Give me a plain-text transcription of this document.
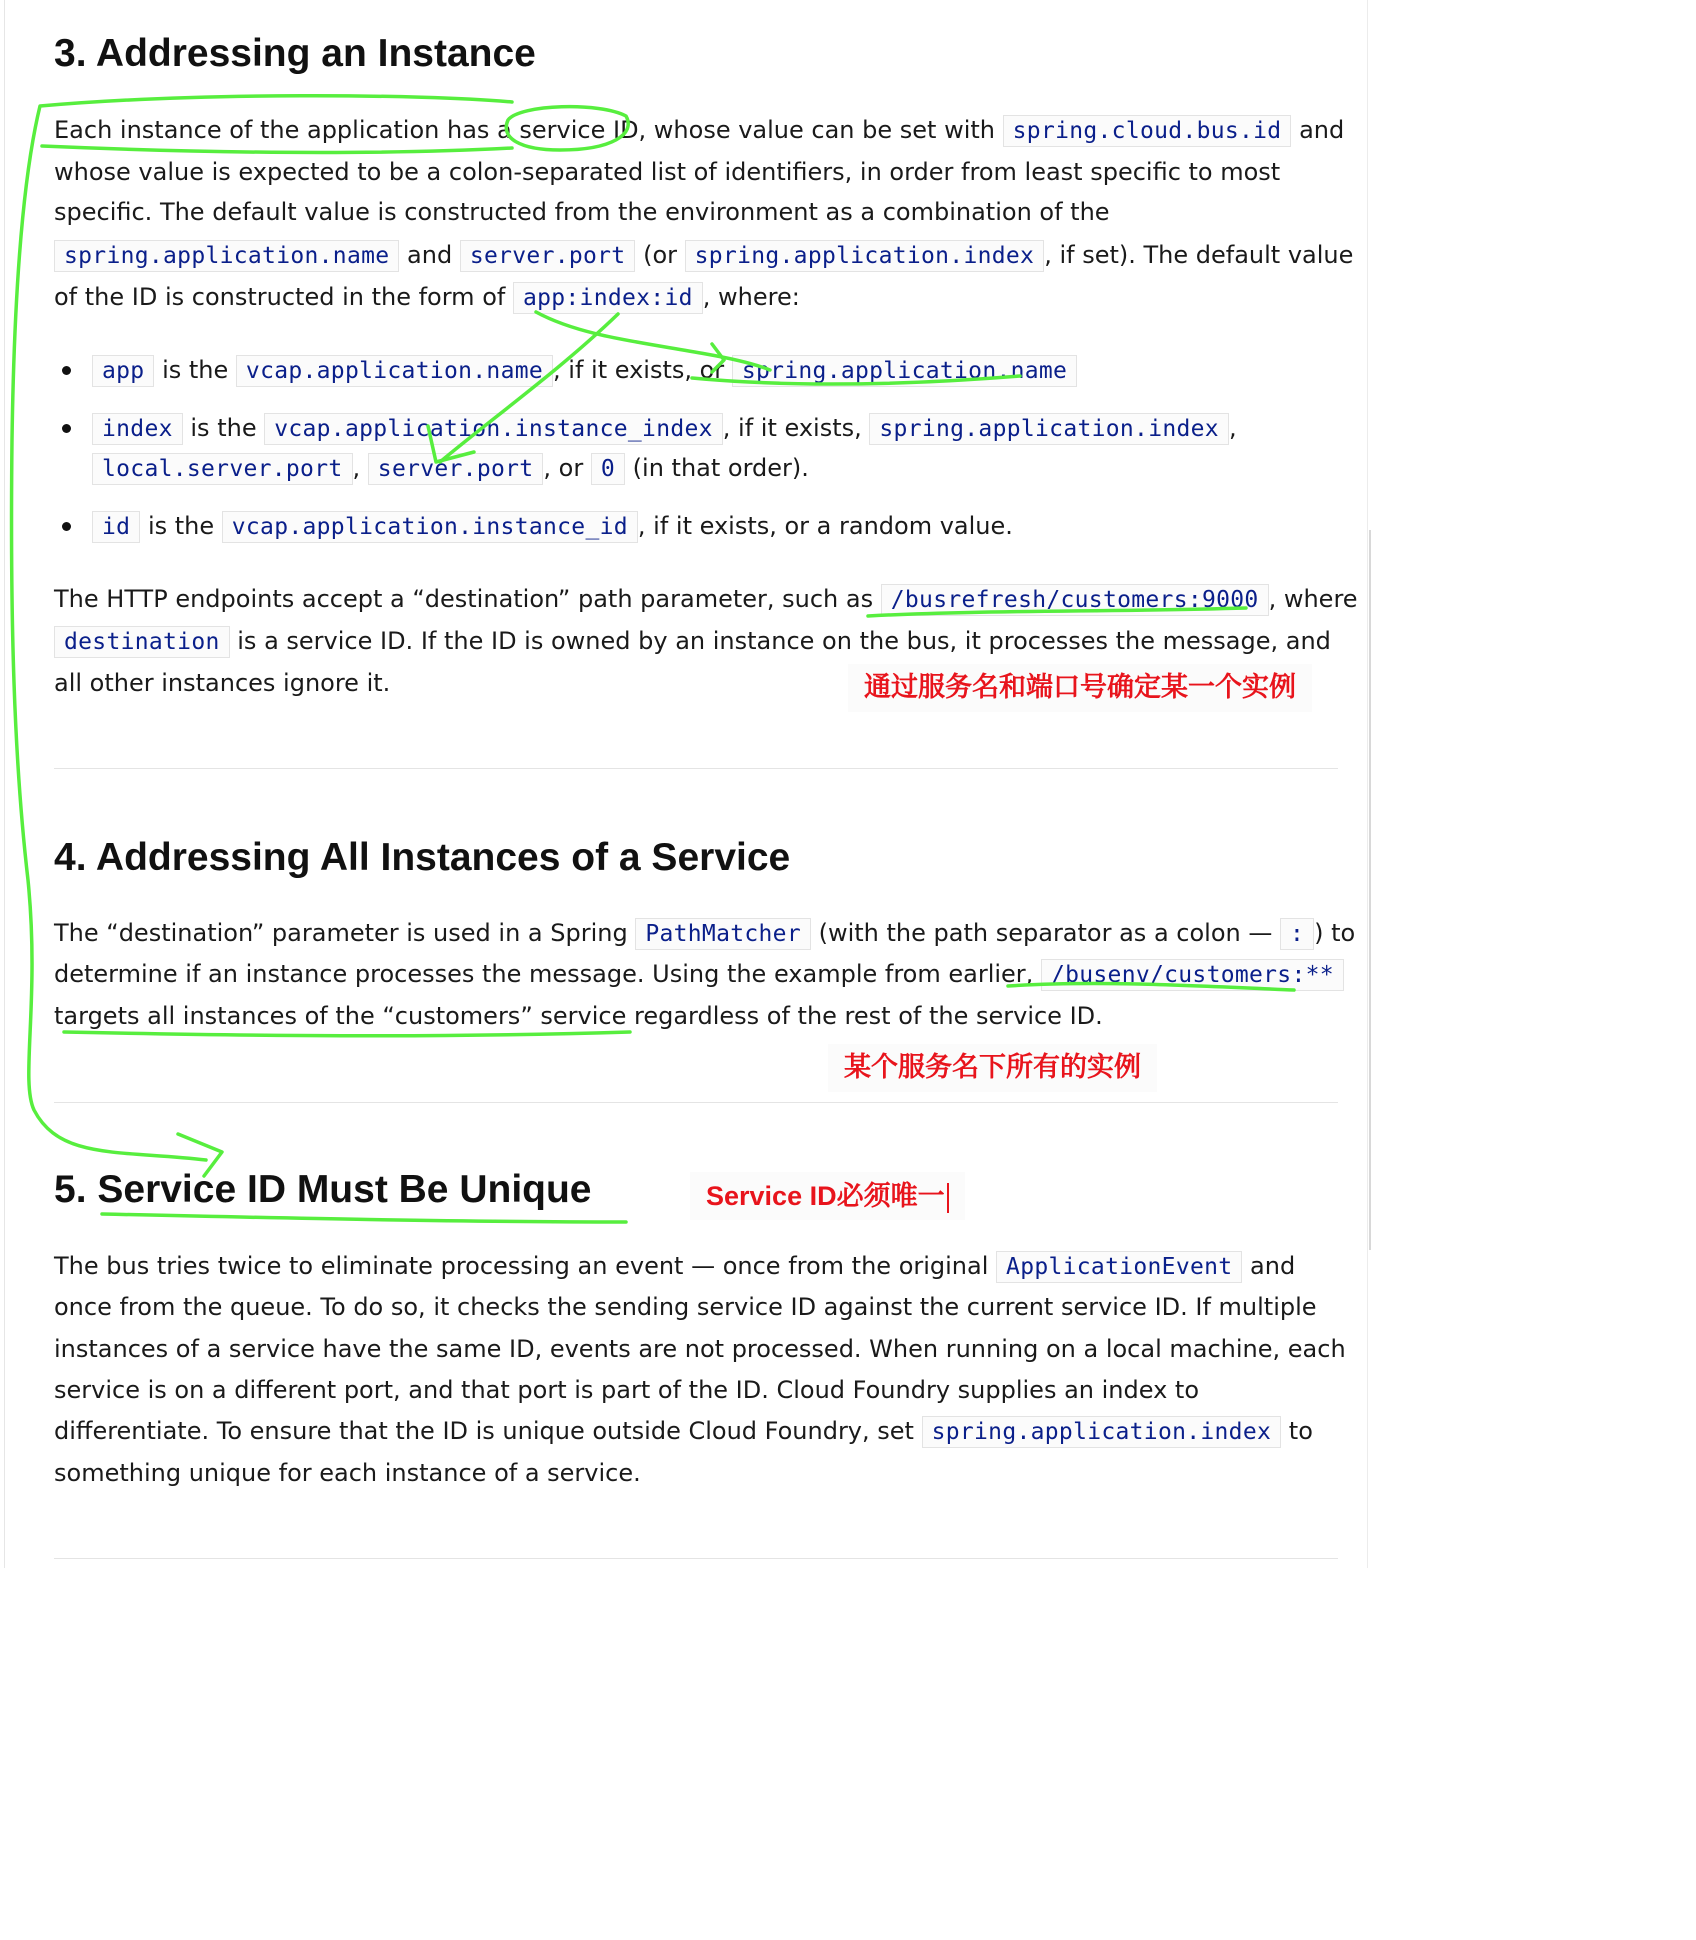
3. Addressing an Instance
Each instance of the application has a service ID, whose value can be set with spring.cloud.bus.id and
whose value is expected to be a colon-separated list of identifiers, in order from least specific to most
specific. The default value is constructed from the environment as a combination of the
spring.application.name and server.port (or spring.application.index , if set). The default value
of the ID is constructed in the form of app:index:id , where:
app is the vcap.application.name , if it exists, or spring.application.name
index is the vcap.application.instance_index , if it exists, spring.application.index ,
local.server.port , server.port , or 0 (in that order).
id is the vcap.application.instance_id , if it exists, or a random value.
The HTTP endpoints accept a “destination” path parameter, such as /busrefresh/customers:9000 , where
destination is a service ID. If the ID is owned by an instance on the bus, it processes the message, and
all other instances ignore it.	通过服务名和端口号确定某一个实例
4. Addressing All Instances of a Service
The “destination” parameter is used in a Spring PathMatcher (with the path separator as a colon — : ) to
determine if an instance processes the message. Using the example from earlier, /busenv/customers:**
targets all instances of the “customers” service regardless of the rest of the service ID.
某个服务名下所有的实例
5. Service ID Must Be Unique	Service ID必须唯一
The bus tries twice to eliminate processing an event — once from the original ApplicationEvent and
once from the queue. To do so, it checks the sending service ID against the current service ID. If multiple
instances of a service have the same ID, events are not processed. When running on a local machine, each
service is on a different port, and that port is part of the ID. Cloud Foundry supplies an index to
differentiate. To ensure that the ID is unique outside Cloud Foundry, set spring.application.index to
something unique for each instance of a service.
